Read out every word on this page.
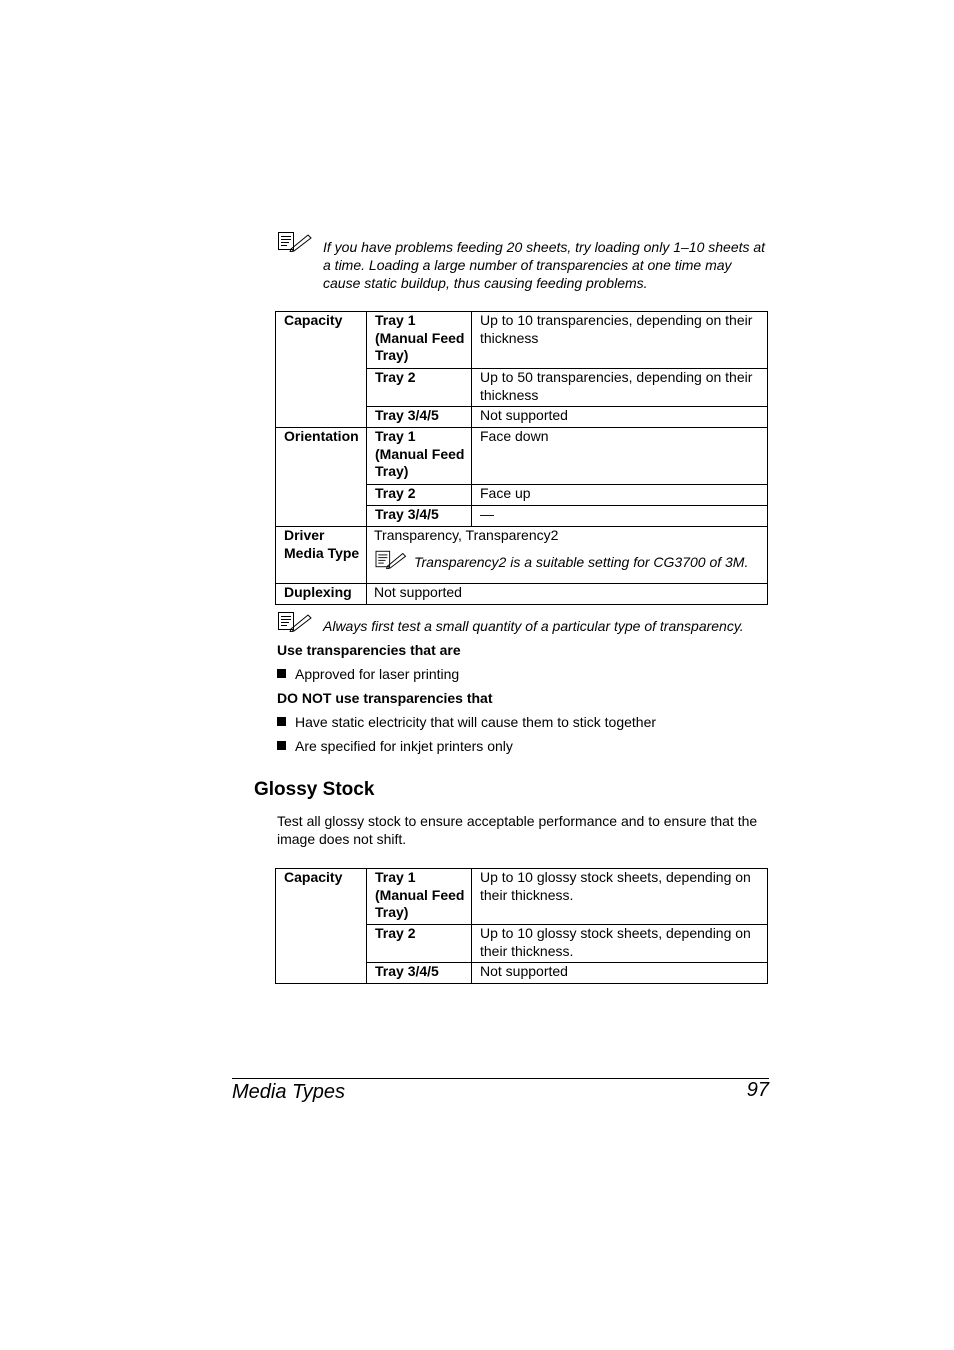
If you have problems feeding 20 sheets, try loading only 1–10 sheets at a time. Loading a large number of transparencies at one time may cause static buildup, thus causing feeding problems.
Capacity	Tray 1 (Manual Feed Tray)	Up to 10 transparencies, depending on their thickness
	Tray 2	Up to 50 transparencies, depending on their thickness
	Tray 3/4/5	Not supported
Orientation	Tray 1 (Manual Feed Tray)	Face down
	Tray 2	Face up
	Tray 3/4/5	—
Driver Media Type	Transparency, Transparency2
Transparency2 is a suitable setting for CG3700 of 3M.	

Duplexing	Not supported	
Always first test a small quantity of a particular type of transparency.
Use transparencies that are
Approved for laser printing
DO NOT use transparencies that
Have static electricity that will cause them to stick together
Are specified for inkjet printers only
Glossy Stock
Test all glossy stock to ensure acceptable performance and to ensure that the image does not shift.
Capacity	Tray 1 (Manual Feed Tray)	Up to 10 glossy stock sheets, depending on their thickness.
	Tray 2	Up to 10 glossy stock sheets, depending on their thickness.
	Tray 3/4/5	Not supported
Media Types	97
